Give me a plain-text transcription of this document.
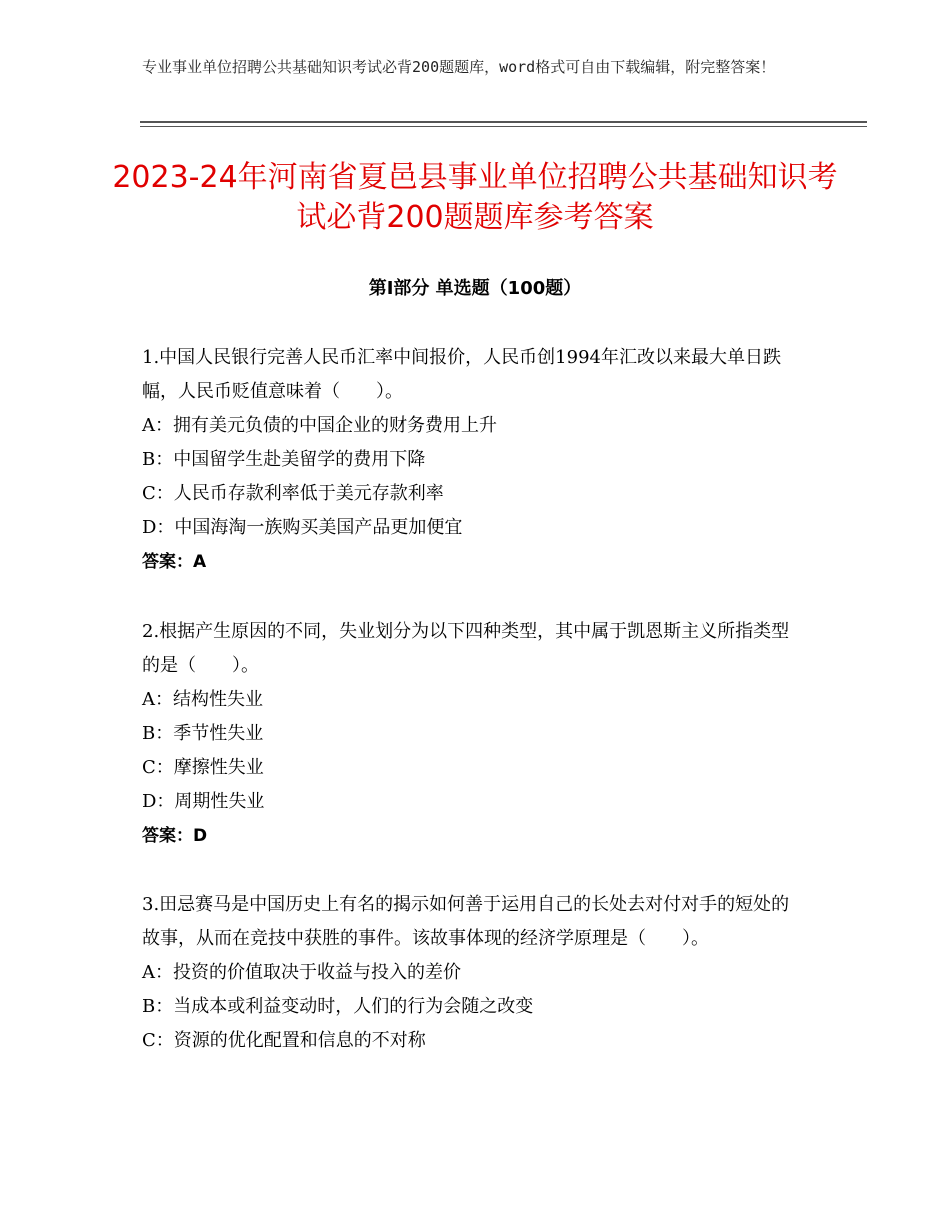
专业事业单位招聘公共基础知识考试必背200题题库，word格式可自由下载编辑，附完整答案！
2023-24年河南省夏邑县事业单位招聘公共基础知识考试必背200题题库参考答案
第Ⅰ部分 单选题（100题）
1.中国人民银行完善人民币汇率中间报价，人民币创1994年汇改以来最大单日跌幅，人民币贬值意味着（　　）。
A：拥有美元负债的中国企业的财务费用上升
B：中国留学生赴美留学的费用下降
C：人民币存款利率低于美元存款利率
D：中国海淘一族购买美国产品更加便宜
答案：A
2.根据产生原因的不同，失业划分为以下四种类型，其中属于凯恩斯主义所指类型的是（　　）。
A：结构性失业
B：季节性失业
C：摩擦性失业
D：周期性失业
答案：D
3.田忌赛马是中国历史上有名的揭示如何善于运用自己的长处去对付对手的短处的故事，从而在竞技中获胜的事件。该故事体现的经济学原理是（　　）。
A：投资的价值取决于收益与投入的差价
B：当成本或利益变动时，人们的行为会随之改变
C：资源的优化配置和信息的不对称
